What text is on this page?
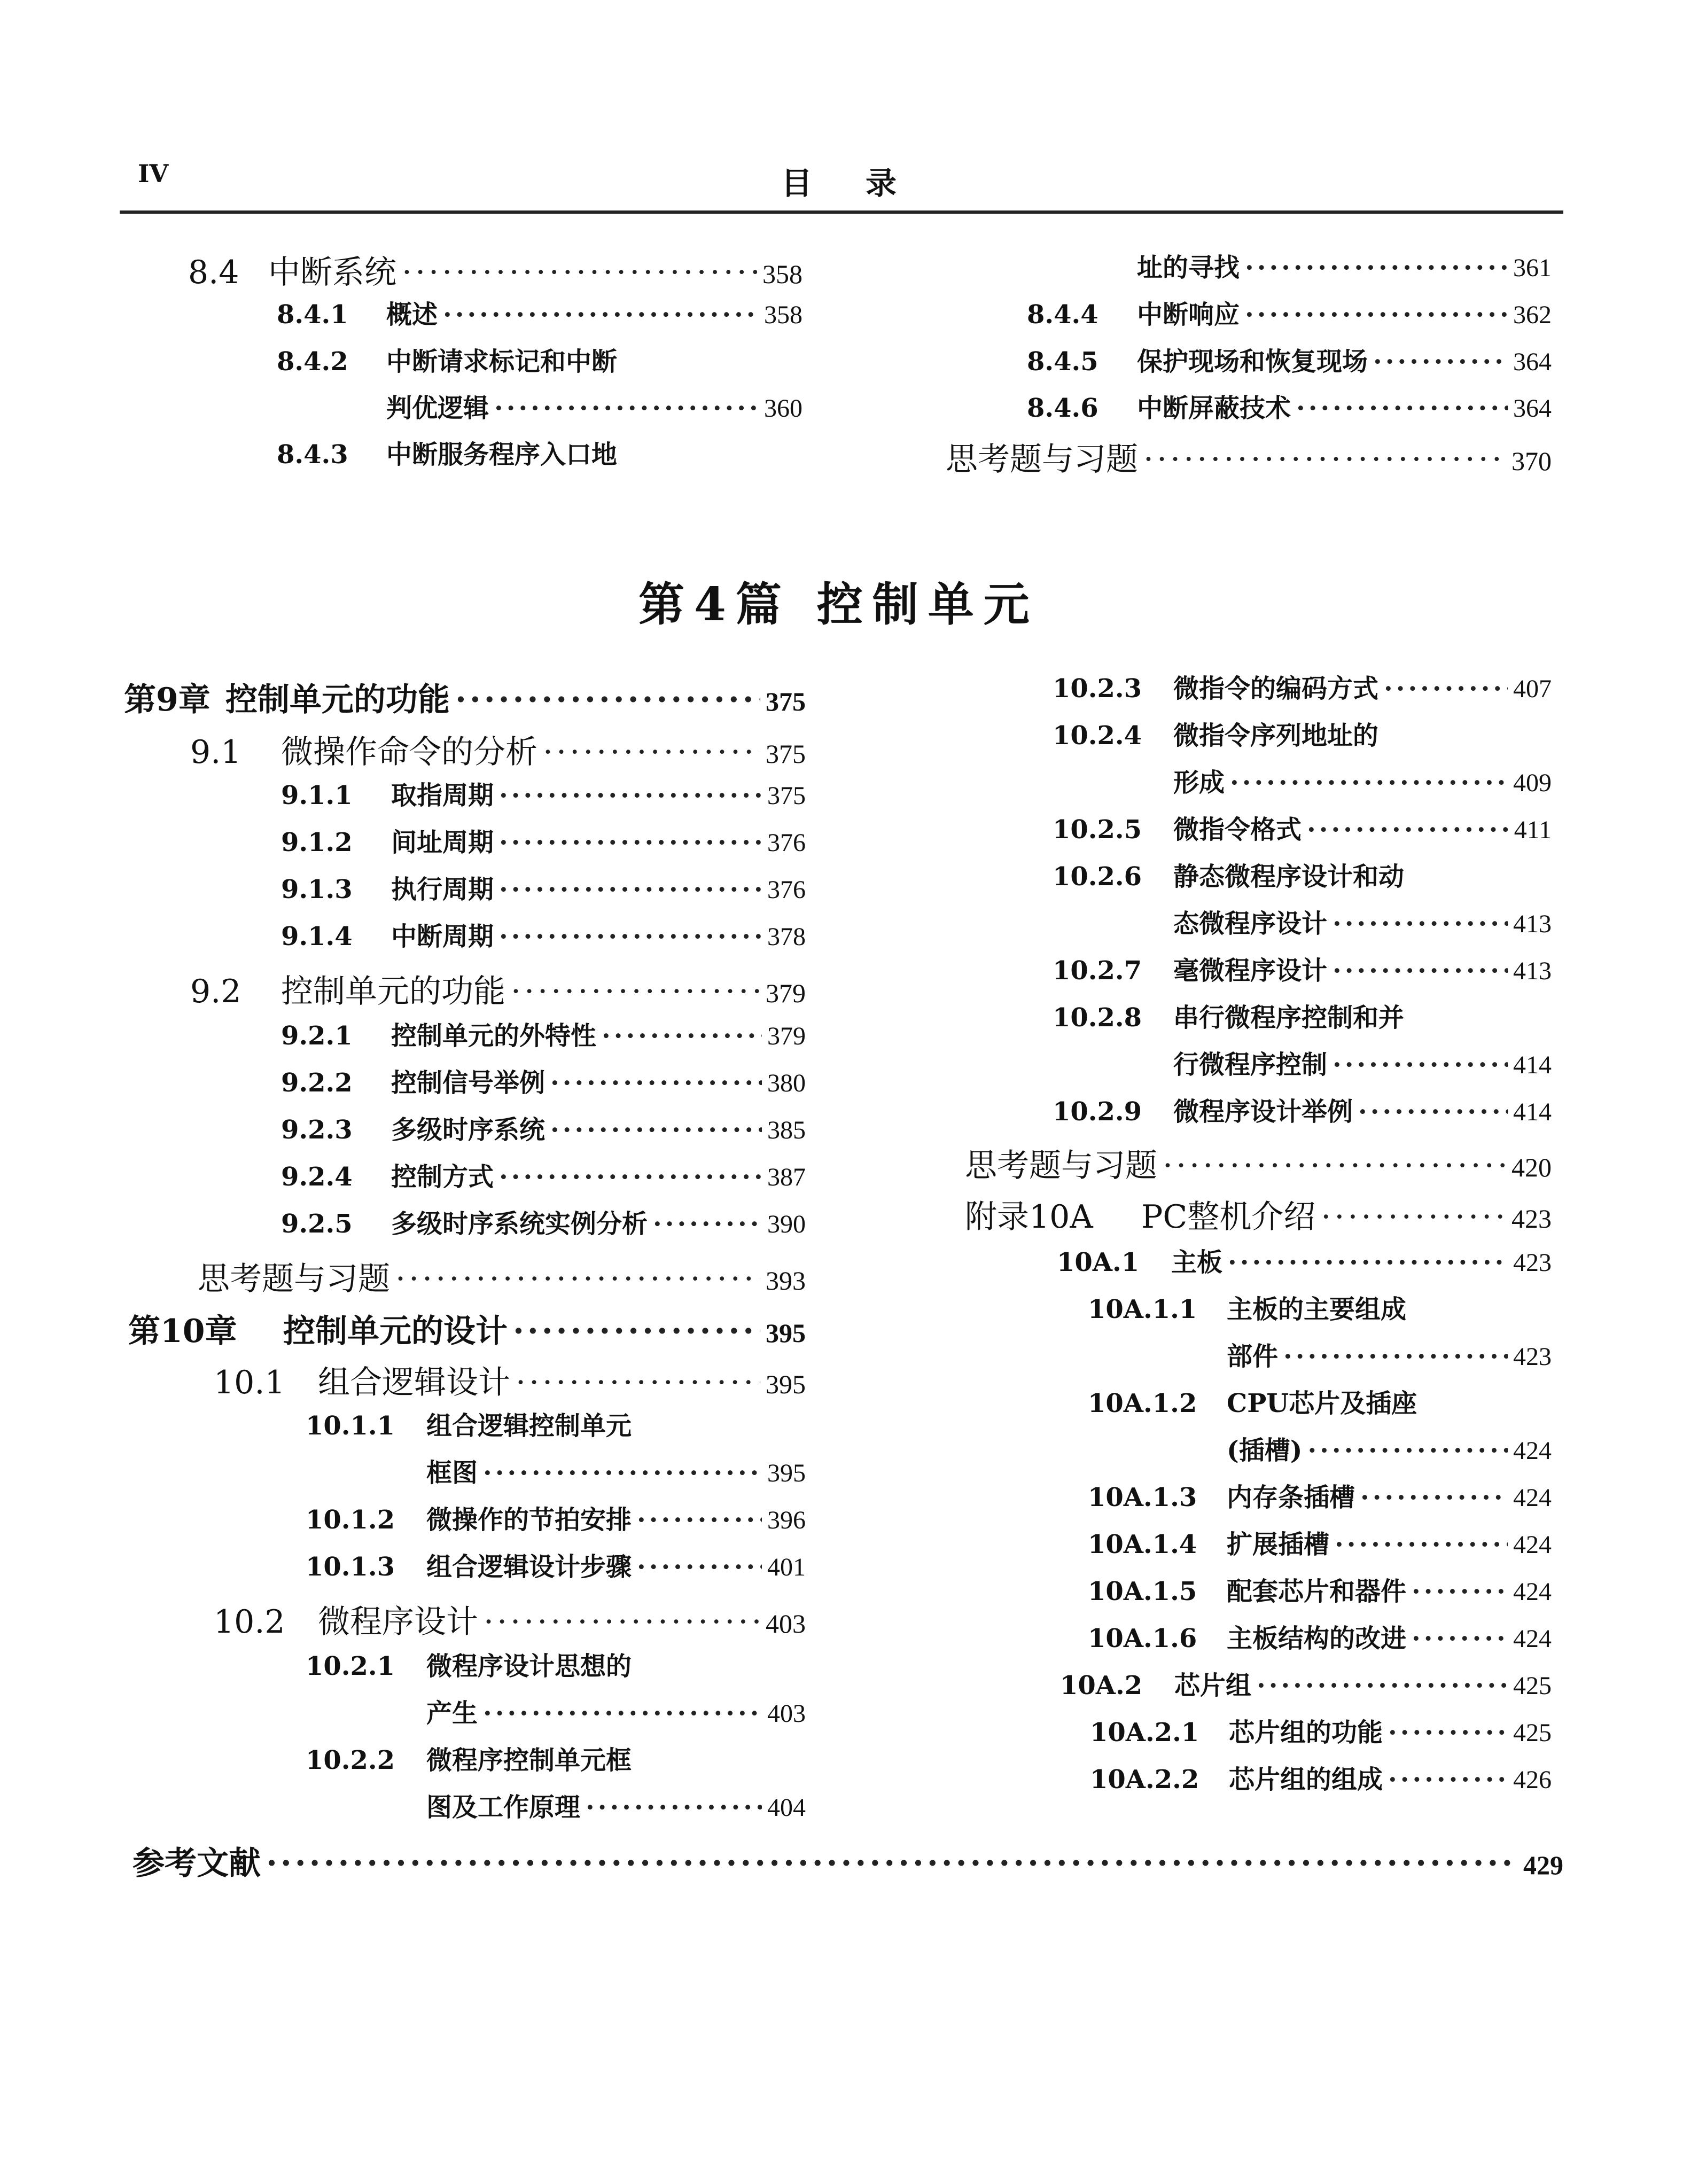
IV	目录
第4篇 控制单元
8.4 中断系统 ·····	358
8.4.1	概述 ·····	358
8.4.2	中断请求标记和中断
判优逻辑 ·····	360
8.4.3	中断服务程序入口地
址的寻找 ·····	361
8.4.4	中断响应 ·····	362
8.4.5	保护现场和恢复现场 ·····	364
8.4.6	中断屏蔽技术 ·····	364
思考题与习题 ·····	370
第9章 控制单元的功能 ·····	375
9.1	微操作命令的分析 ·····	375
9.1.1	取指周期 ·····	375
9.1.2	间址周期 ·····	376
9.1.3	执行周期 ·····	376
9.1.4	中断周期 ·····	378
9.2	控制单元的功能 ·····	379
9.2.1	控制单元的外特性 ·····	379
9.2.2	控制信号举例 ·····	380
9.2.3	多级时序系统 ·····	385
9.2.4	控制方式 ·····	387
9.2.5	多级时序系统实例分析 ·····	390
思考题与习题 ·····	393
第10章	控制单元的设计 ·····	395
10.1	组合逻辑设计 ·····	395
10.1.1	组合逻辑控制单元
框图 ·····	395
10.1.2	微操作的节拍安排 ·····	396
10.1.3	组合逻辑设计步骤 ·····	401
10.2	微程序设计 ·····	403
10.2.1	微程序设计思想的
产生 ·····	403
10.2.2	微程序控制单元框
图及工作原理 ·····	404
10.2.3	微指令的编码方式 ·····	407
10.2.4	微指令序列地址的
形成 ·····	409
10.2.5	微指令格式 ·····	411
10.2.6	静态微程序设计和动
态微程序设计 ·····	413
10.2.7	毫微程序设计 ·····	413
10.2.8	串行微程序控制和并
行微程序控制 ·····	414
10.2.9	微程序设计举例 ·····	414
思考题与习题 ·····	420
附录10A	PC整机介绍 ·····	423
10A.1	主板 ·····	423
10A.1.1	主板的主要组成
部件 ·····	423
10A.1.2	CPU芯片及插座
(插槽) ·····	424
10A.1.3	内存条插槽 ·····	424
10A.1.4	扩展插槽 ·····	424
10A.1.5	配套芯片和器件 ·····	424
10A.1.6	主板结构的改进 ·····	424
10A.2	芯片组 ·····	425
10A.2.1	芯片组的功能 ·····	425
10A.2.2	芯片组的组成 ·····	426
参考文献 ·····	429
